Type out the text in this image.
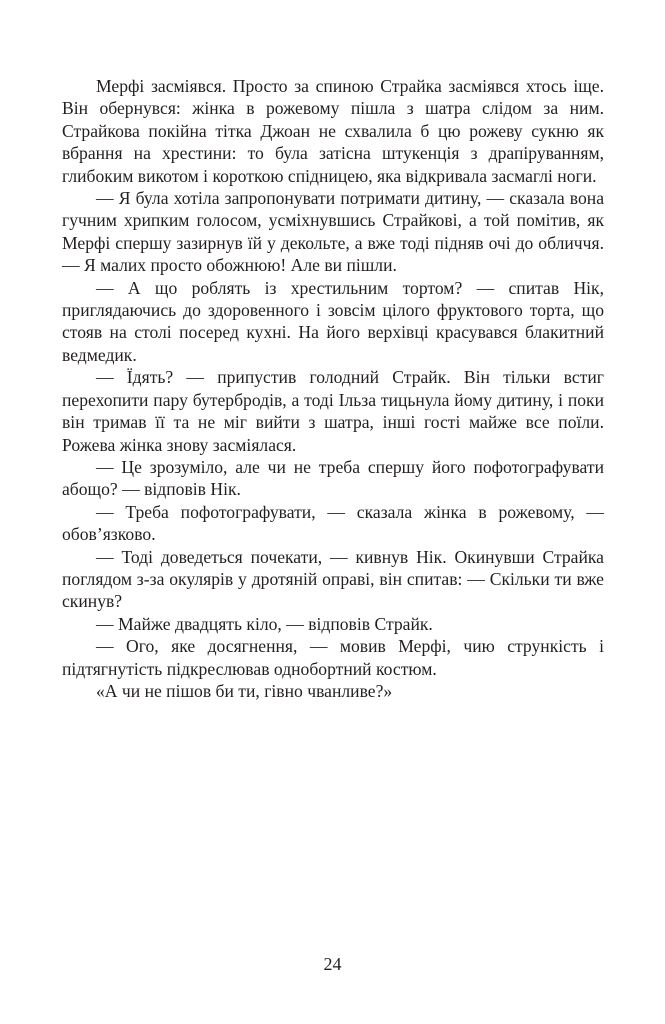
Мерфі засміявся. Просто за спиною Страйка засміявся хтось іще. Він обернувся: жінка в рожевому пішла з шатра слідом за ним. Страйкова покійна тітка Джоан не схвалила б цю рожеву сукню як вбрання на хрестини: то була затісна штукенція з драпіруванням, глибоким викотом і короткою спідницею, яка відкривала засмаглі ноги.

— Я була хотіла запропонувати потримати дитину, — сказала вона гучним хрипким голосом, усміхнувшись Страйкові, а той помітив, як Мерфі спершу зазирнув їй у декольте, а вже тоді підняв очі до обличчя. — Я малих просто обожнюю! Але ви пішли.

— А що роблять із хрестильним тортом? — спитав Нік, приглядаючись до здоровенного і зовсім цілого фруктового торта, що стояв на столі посеред кухні. На його верхівці красувався блакитний ведмедик.

— Їдять? — припустив голодний Страйк. Він тільки встиг перехопити пару бутербродів, а тоді Ільза тицьнула йому дитину, і поки він тримав її та не міг вийти з шатра, інші гості майже все поїли. Рожева жінка знову засміялася.

— Це зрозуміло, але чи не треба спершу його пофотографувати абощо? — відповів Нік.

— Треба пофотографувати, — сказала жінка в рожевому, — обов’язково.

— Тоді доведеться почекати, — кивнув Нік. Окинувши Страйка поглядом з-за окулярів у дротяній оправі, він спитав: — Скільки ти вже скинув?

— Майже двадцять кіло, — відповів Страйк.

— Ого, яке досягнення, — мовив Мерфі, чию стрункість і підтягнутість підкреслював однобортний костюм.

«А чи не пішов би ти, гівно чванливе?»

24
